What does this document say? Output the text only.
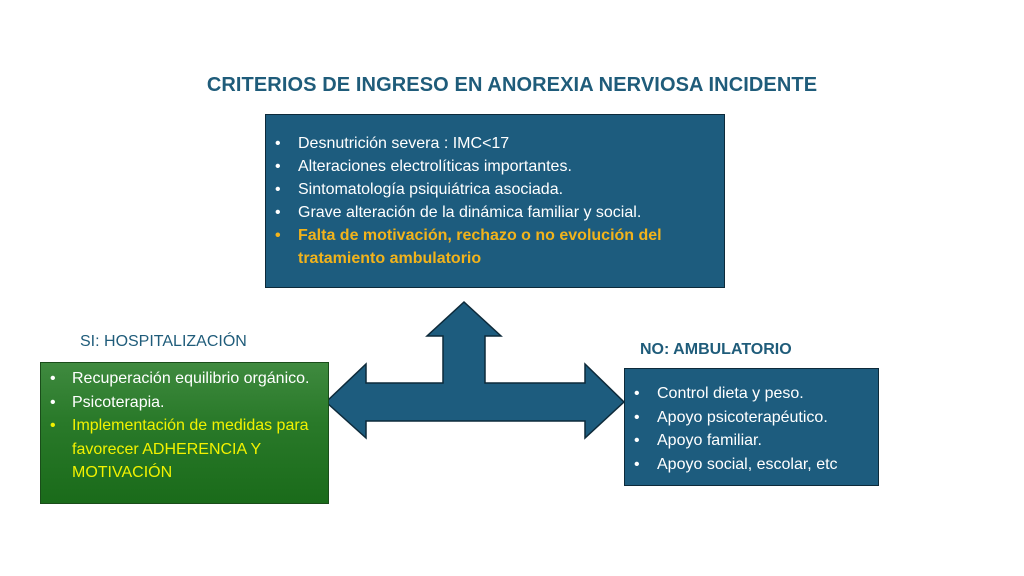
CRITERIOS DE INGRESO EN ANOREXIA NERVIOSA INCIDENTE
• Desnutrición severa : IMC<17
• Alteraciones electrolíticas importantes.
• Sintomatología psiquiátrica asociada.
• Grave alteración de la dinámica familiar y social.
• Falta de motivación, rechazo o no evolución del tratamiento ambulatorio
SI: HOSPITALIZACIÓN
• Recuperación equilibrio orgánico.
• Psicoterapia.
• Implementación de medidas para favorecer ADHERENCIA Y MOTIVACIÓN
NO: AMBULATORIO
• Control dieta y peso.
• Apoyo psicoterapéutico.
• Apoyo familiar.
• Apoyo social, escolar, etc
